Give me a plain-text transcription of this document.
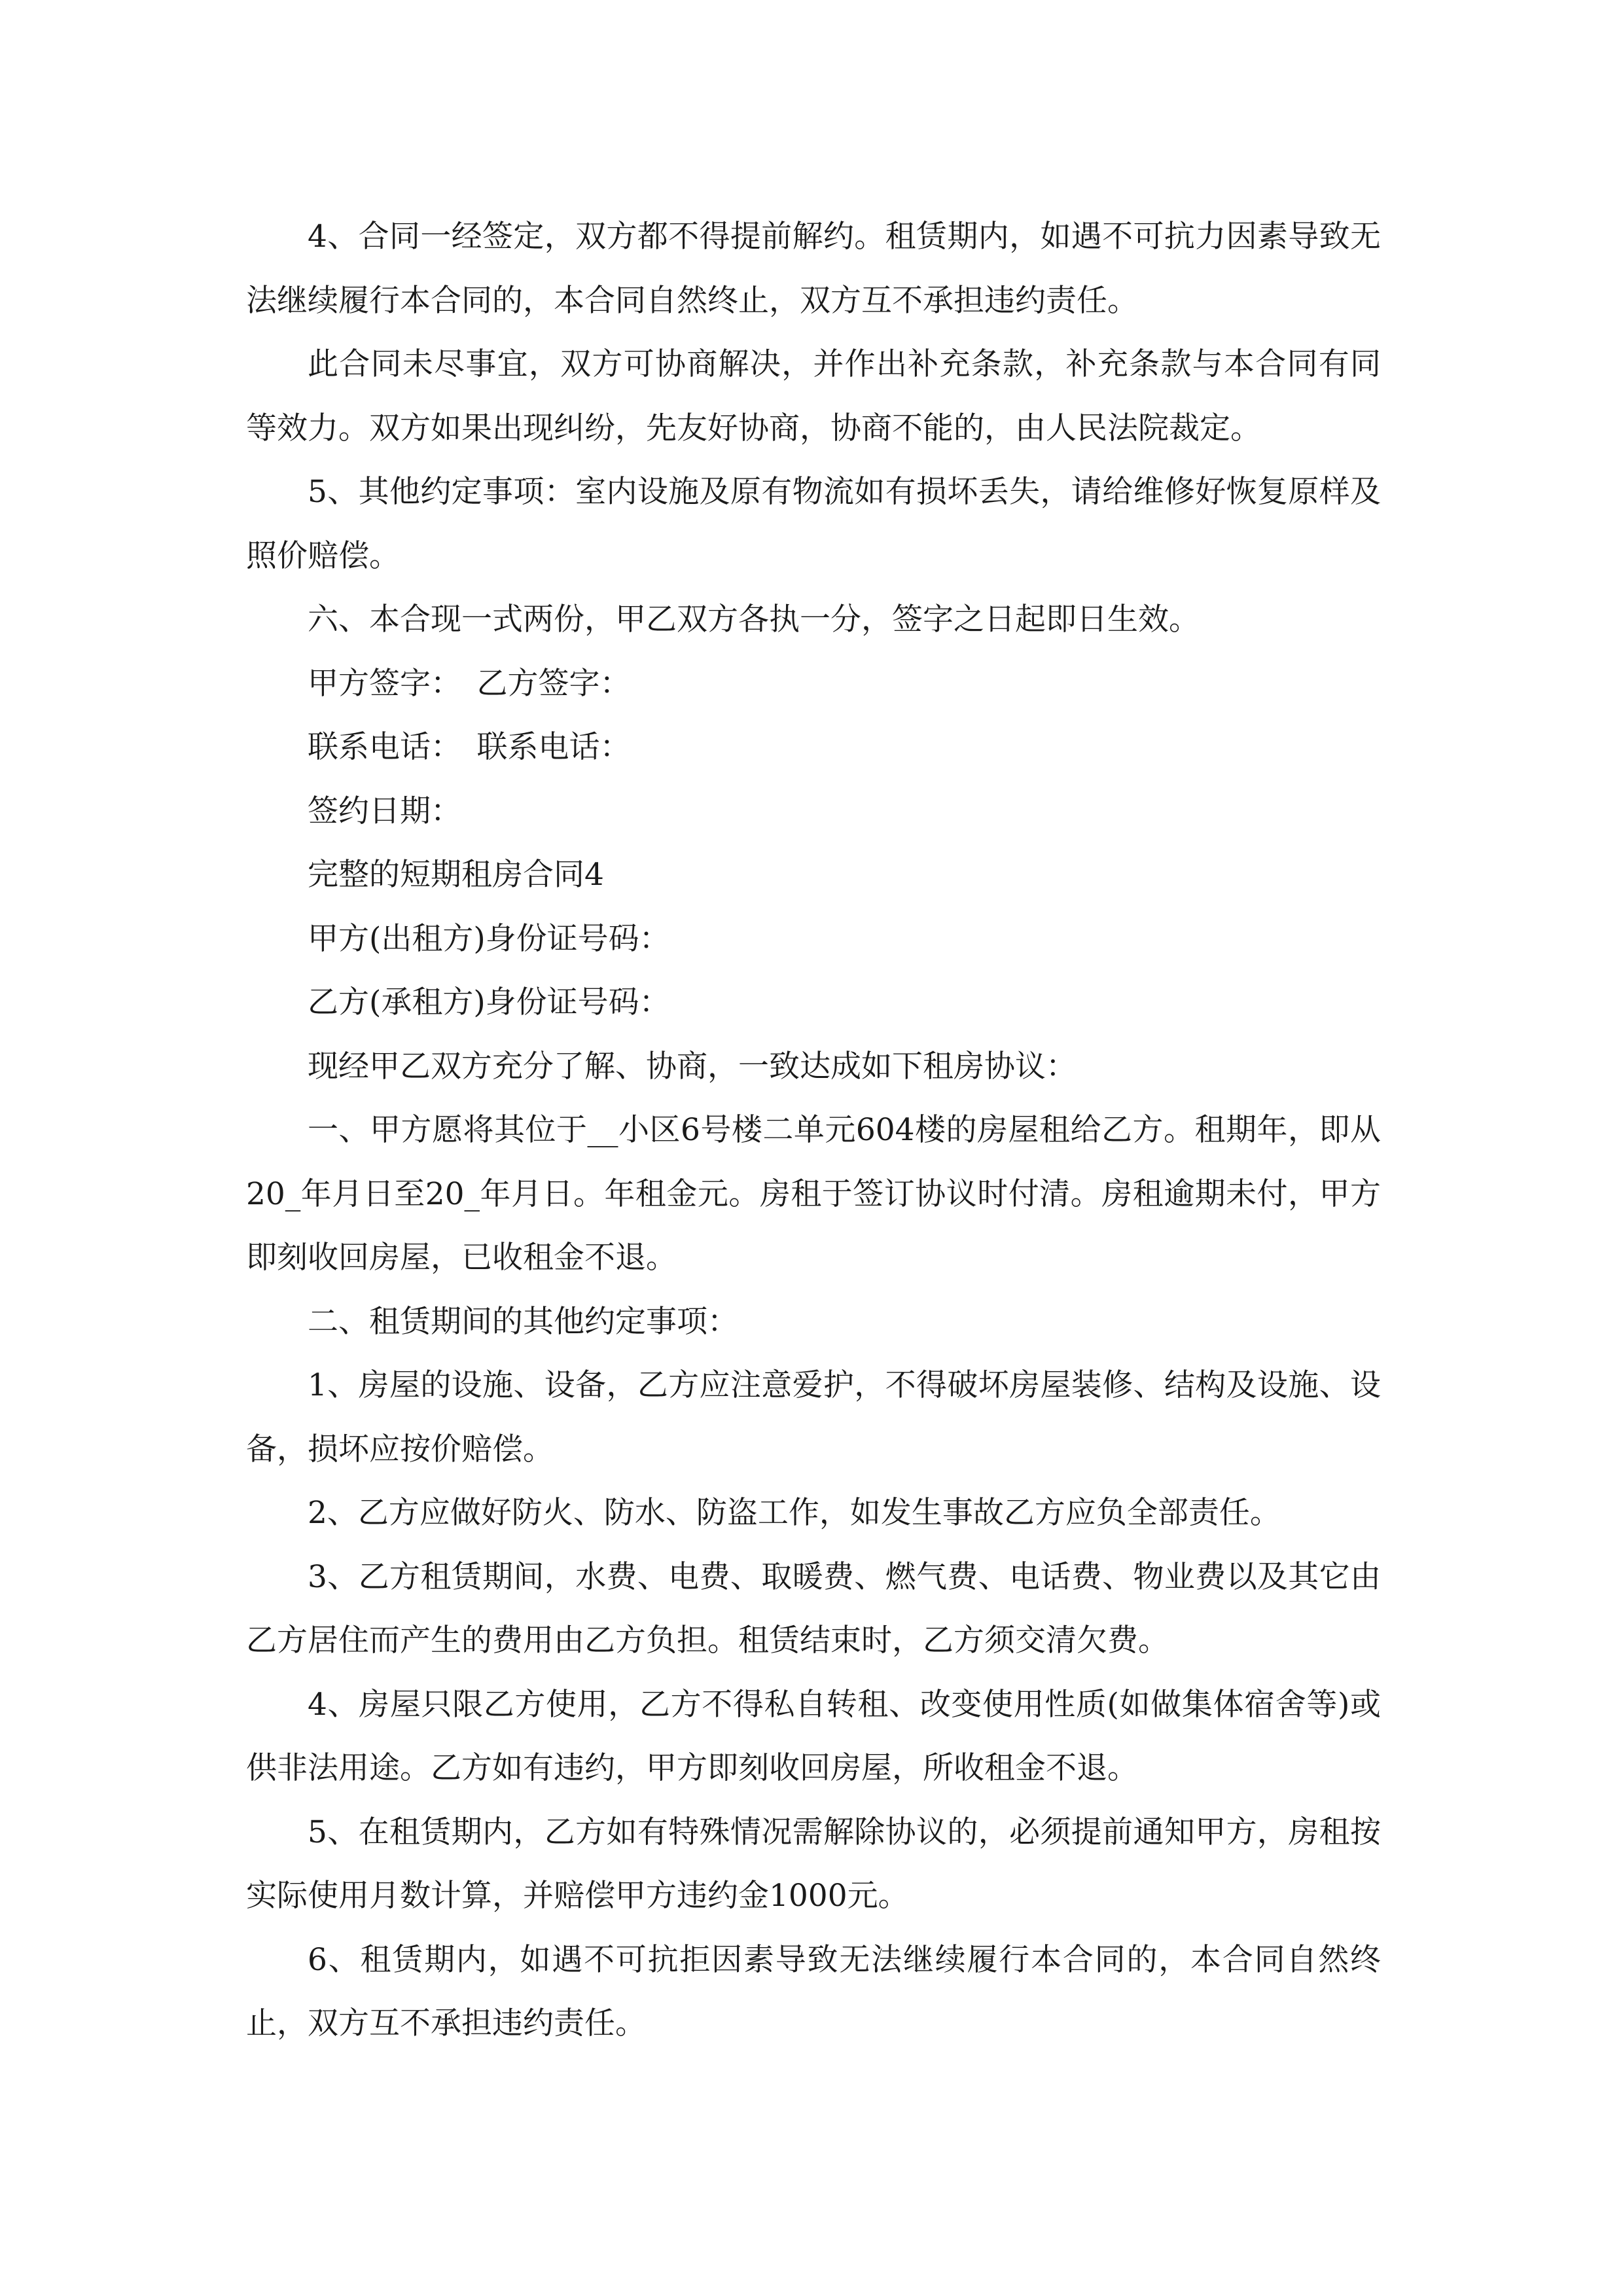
4、合同一经签定，双方都不得提前解约。租赁期内，如遇不可抗力因素导致无法继续履行本合同的，本合同自然终止，双方互不承担违约责任。

此合同未尽事宜，双方可协商解决，并作出补充条款，补充条款与本合同有同等效力。双方如果出现纠纷，先友好协商，协商不能的，由人民法院裁定。

5、其他约定事项：室内设施及原有物流如有损坏丢失，请给维修好恢复原样及照价赔偿。

六、本合现一式两份，甲乙双方各执一分，签字之日起即日生效。

甲方签字：　乙方签字：

联系电话：　联系电话：

签约日期：

完整的短期租房合同4

甲方(出租方)身份证号码：

乙方(承租方)身份证号码：

现经甲乙双方充分了解、协商，一致达成如下租房协议：

一、甲方愿将其位于__小区6号楼二单元604楼的房屋租给乙方。租期年，即从20_年月日至20_年月日。年租金元。房租于签订协议时付清。房租逾期未付，甲方即刻收回房屋，已收租金不退。

二、租赁期间的其他约定事项：

1、房屋的设施、设备，乙方应注意爱护，不得破坏房屋装修、结构及设施、设备，损坏应按价赔偿。

2、乙方应做好防火、防水、防盗工作，如发生事故乙方应负全部责任。

3、乙方租赁期间，水费、电费、取暖费、燃气费、电话费、物业费以及其它由乙方居住而产生的费用由乙方负担。租赁结束时，乙方须交清欠费。

4、房屋只限乙方使用，乙方不得私自转租、改变使用性质(如做集体宿舍等)或供非法用途。乙方如有违约，甲方即刻收回房屋，所收租金不退。

5、在租赁期内，乙方如有特殊情况需解除协议的，必须提前通知甲方，房租按实际使用月数计算，并赔偿甲方违约金1000元。

6、租赁期内，如遇不可抗拒因素导致无法继续履行本合同的，本合同自然终止，双方互不承担违约责任。
